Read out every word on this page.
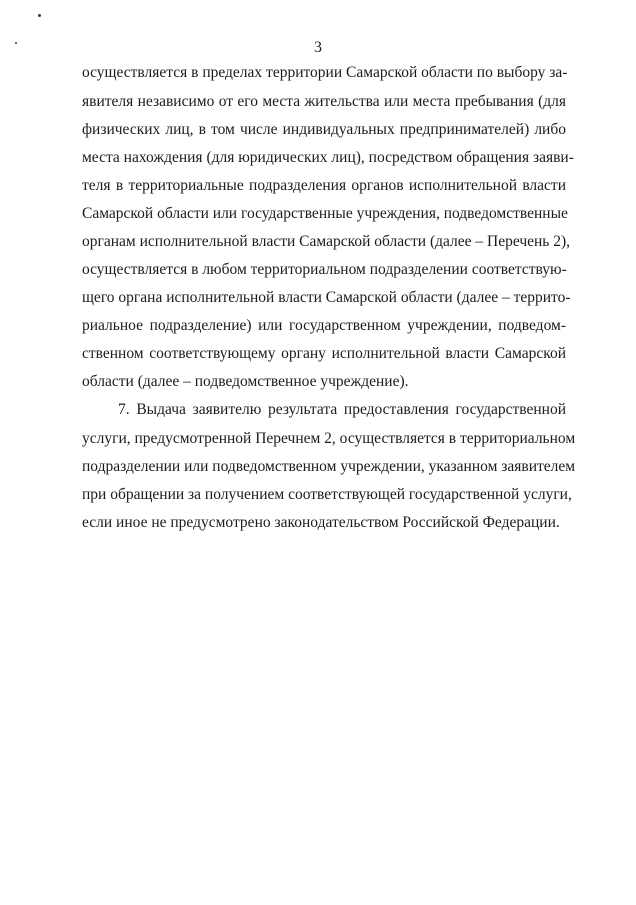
3
осуществляется в пределах территории Самарской области по выбору за-
явителя независимо от его места жительства или места пребывания (для
физических лиц, в том числе индивидуальных предпринимателей) либо
места нахождения (для юридических лиц), посредством обращения заяви-
теля в территориальные подразделения органов исполнительной власти
Самарской области или государственные учреждения, подведомственные
органам исполнительной власти Самарской области (далее – Перечень 2),
осуществляется в любом территориальном подразделении соответствую-
щего органа исполнительной власти Самарской области (далее – террито-
риальное подразделение) или государственном учреждении, подведом-
ственном соответствующему органу исполнительной власти Самарской
области (далее – подведомственное учреждение).
7. Выдача заявителю результата предоставления государственной
услуги, предусмотренной Перечнем 2, осуществляется в территориальном
подразделении или подведомственном учреждении, указанном заявителем
при обращении за получением соответствующей государственной услуги,
если иное не предусмотрено законодательством Российской Федерации.
